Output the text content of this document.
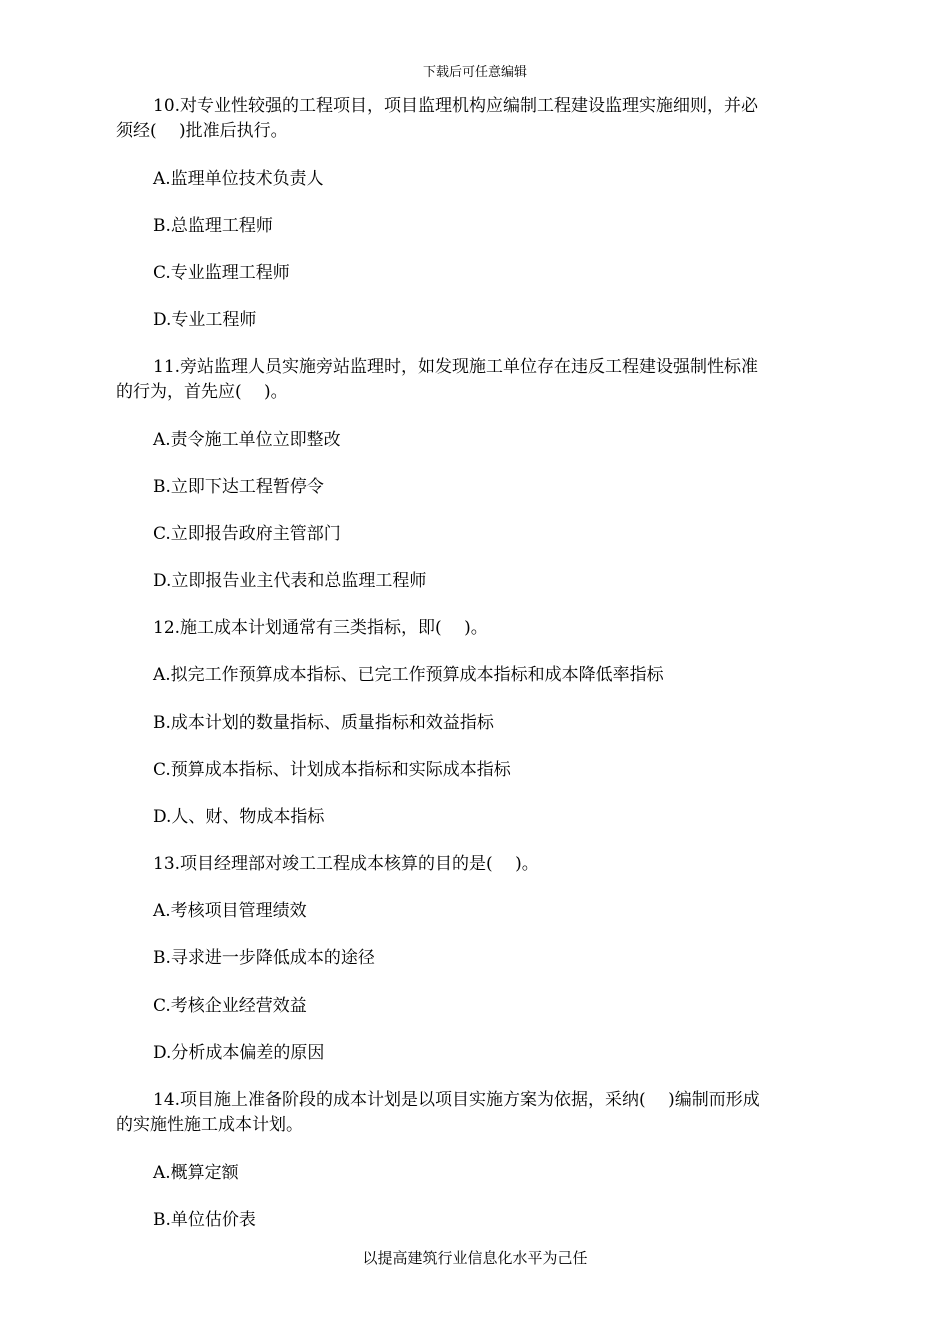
下载后可任意编辑
10.对专业性较强的工程项目，项目监理机构应编制工程建设监理实施细则，并必
须经(　 )批准后执行。
A.监理单位技术负责人
B.总监理工程师
C.专业监理工程师
D.专业工程师
11.旁站监理人员实施旁站监理时，如发现施工单位存在违反工程建设强制性标准
的行为，首先应(　 )。
A.责令施工单位立即整改
B.立即下达工程暂停令
C.立即报告政府主管部门
D.立即报告业主代表和总监理工程师
12.施工成本计划通常有三类指标，即(　 )。
A.拟完工作预算成本指标、已完工作预算成本指标和成本降低率指标
B.成本计划的数量指标、质量指标和效益指标
C.预算成本指标、计划成本指标和实际成本指标
D.人、财、物成本指标
13.项目经理部对竣工工程成本核算的目的是(　 )。
A.考核项目管理绩效
B.寻求进一步降低成本的途径
C.考核企业经营效益
D.分析成本偏差的原因
14.项目施上准备阶段的成本计划是以项目实施方案为依据，采纳(　 )编制而形成
的实施性施工成本计划。
A.概算定额
B.单位估价表
以提高建筑行业信息化水平为己任
